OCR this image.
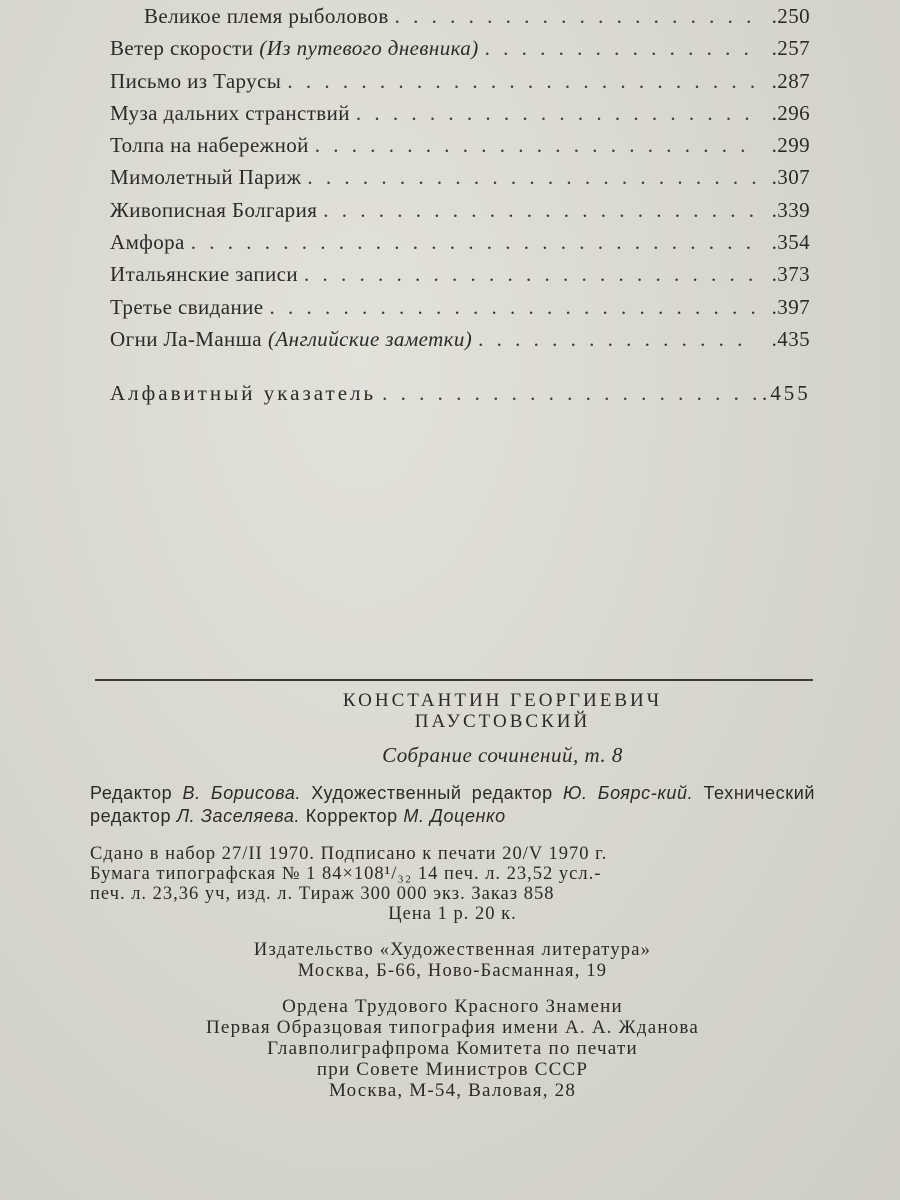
Великое племя рыболовов . . .	.250
Ветер скорости (Из путевого дневника) . . .	.257
Письмо из Тарусы . . .	.287
Муза дальних странствий . . .	.296
Толпа на набережной . . .	.299
Мимолетный Париж . . .	.307
Живописная Болгария . . .	.339
Амфора . . .	.354
Итальянские записи . . .	.373
Третье свидание . . .	.397
Огни Ла-Манша (Английские заметки) . . .	.435
Алфавитный указатель . . .	.455
КОНСТАНТИН ГЕОРГИЕВИЧ
ПАУСТОВСКИЙ
Собрание сочинений, т. 8
Редактор В. Борисова. Художественный редактор Ю. Боярс-кий. Технический редактор Л. Заселяева. Корректор М. Доценко
Сдано в набор 27/II 1970. Подписано к печати 20/V 1970 г.
Бумага типографская № 1 84×108¹/₃₂ 14 печ. л. 23,52 усл.-
печ. л. 23,36 уч, изд. л. Тираж 300 000 экз. Заказ 858
Цена 1 р. 20 к.
Издательство «Художественная литература»
Москва, Б-66, Ново-Басманная, 19
Ордена Трудового Красного Знамени
Первая Образцовая типография имени А. А. Жданова
Главполиграфпрома Комитета по печати
при Совете Министров СССР
Москва, М-54, Валовая, 28
